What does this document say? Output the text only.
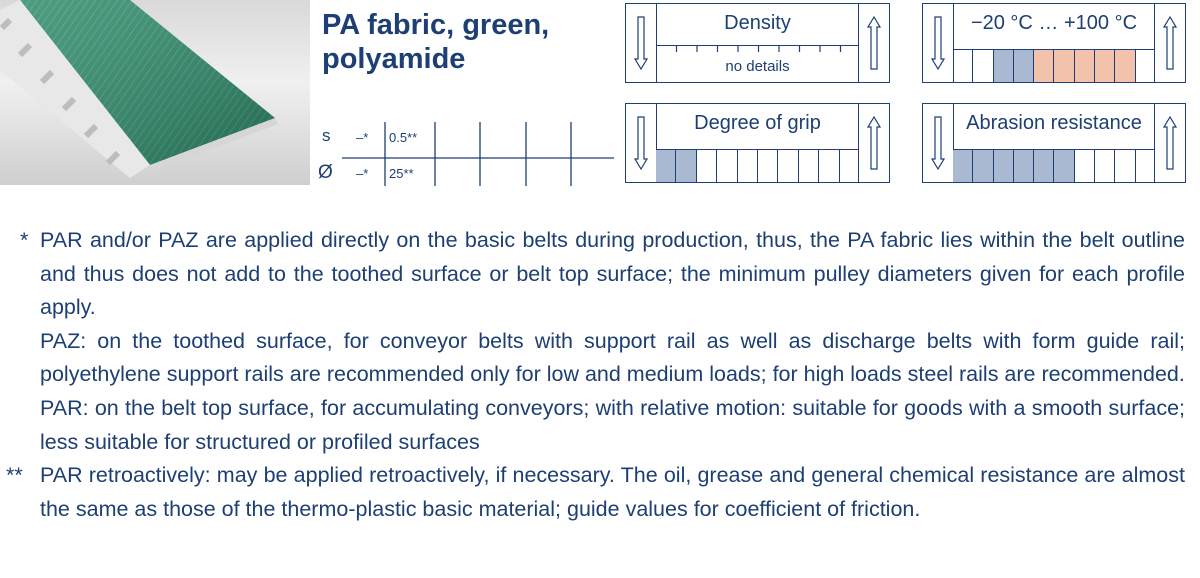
PA fabric, green,
polyamide
s –* 0.5**
Ø –* 25**
Density
no details
−20 °C … +100 °C
Degree of grip	Abrasion resistance
* PAR and/or PAZ are applied directly on the basic belts during production, thus, the PA fabric lies within the belt outline and thus does not add to the toothed surface or belt top surface; the minimum pulley diameters given for each profile apply.

PAZ: on the toothed surface, for conveyor belts with support rail as well as discharge belts with form guide rail; polyethylene support rails are recommended only for low and medium loads; for high loads steel rails are recommended.

PAR: on the belt top surface, for accumulating conveyors; with relative motion: suitable for goods with a smooth surface; less suitable for structured or profiled surfaces

** PAR retroactively: may be applied retroactively, if necessary. The oil, grease and general chemical resistance are almost the same as those of the thermo-plastic basic material; guide values for coefficient of friction.
